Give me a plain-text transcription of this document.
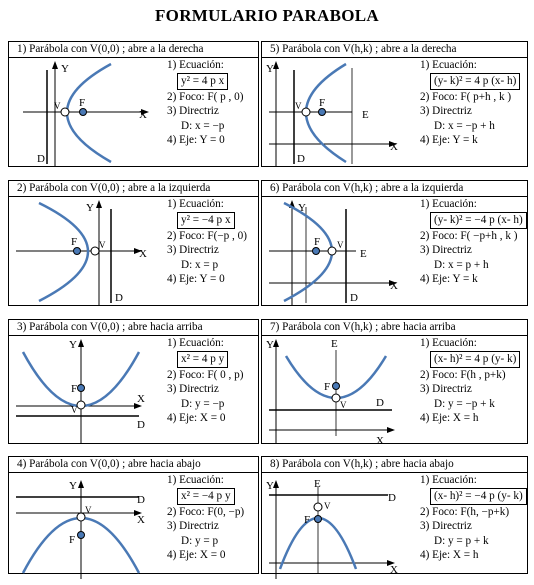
FORMULARIO PARABOLA
1) Parábola con V(0,0) ; abre a la derecha
Y
X
V F
D
1) Ecuación:
y² = 4 p x
2) Foco: F( p , 0)
3) Directriz
D: x = −p
4) Eje: Y = 0
5) Parábola con V(h,k) ; abre a la derecha
Y
X
V F
D
E
1) Ecuación:
(y- k)² = 4 p (x- h)
2) Foco: F( p+h , k )
3) Directriz
D: x = −p + h
4) Eje: Y = k
2) Parábola con V(0,0) ; abre a la izquierda
Y
X
V
F
D
1) Ecuación:
y² = −4 p x
2) Foco: F(−p , 0)
3) Directriz
D: x = p
4) Eje: Y = 0
6) Parábola con V(h,k) ; abre a la izquierda
Y
X
V
F
D
E
1) Ecuación:
(y- k)² = −4 p (x- h)
2) Foco: F( −p+h , k )
3) Directriz
D: x = p + h
4) Eje: Y = k
3) Parábola con V(0,0) ; abre hacia arriba
Y
X
V
F
D
1) Ecuación:
x² = 4 p y
2) Foco: F( 0 , p)
3) Directriz
D: y = −p
4) Eje: X = 0
7) Parábola con V(h,k) ; abre hacia arriba
Y
X
V
F
D
E	1) Ecuación:
(x- h)² = 4 p (y- k)
2) Foco: F(h , p+k)
3) Directriz
D: y = −p + k
4) Eje: X = h
4) Parábola con V(0,0) ; abre hacia abajo
Y
X
V
F
D
1) Ecuación:
x² = −4 p y
2) Foco: F(0, −p)
3) Directriz
D: y = p
4) Eje: X = 0
8) Parábola con V(h,k) ; abre hacia abajo
Y
X
V
F
D
E	1) Ecuación:
(x- h)² = −4 p (y- k)
2) Foco: F(h, −p+k)
3) Directriz
D: y = p + k
4) Eje: X = h
